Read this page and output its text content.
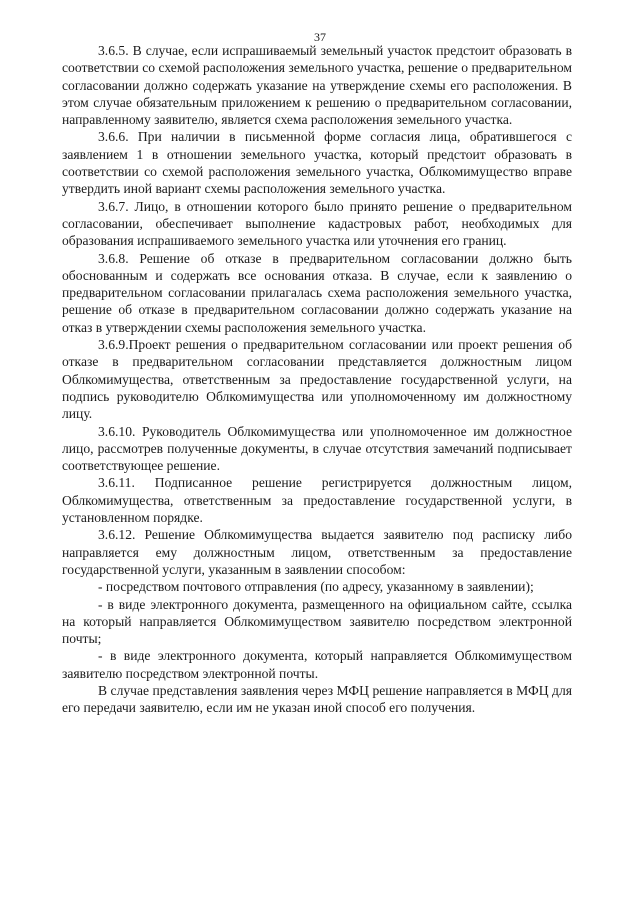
37

3.6.5. В случае, если испрашиваемый земельный участок предстоит образовать в соответствии со схемой расположения земельного участка, решение о предварительном согласовании должно содержать указание на утверждение схемы его расположения. В этом случае обязательным приложением к решению о предварительном согласовании, направленному заявителю, является схема расположения земельного участка.

3.6.6. При наличии в письменной форме согласия лица, обратившегося с заявлением 1 в отношении земельного участка, который предстоит образовать в соответствии со схемой расположения земельного участка, Облкомимущество вправе утвердить иной вариант схемы расположения земельного участка.

3.6.7. Лицо, в отношении которого было принято решение о предварительном согласовании, обеспечивает выполнение кадастровых работ, необходимых для образования испрашиваемого земельного участка или уточнения его границ.

3.6.8. Решение об отказе в предварительном согласовании должно быть обоснованным и содержать все основания отказа. В случае, если к заявлению о предварительном согласовании прилагалась схема расположения земельного участка, решение об отказе в предварительном согласовании должно содержать указание на отказ в утверждении схемы расположения земельного участка.

3.6.9.Проект решения о предварительном согласовании или проект решения об отказе в предварительном согласовании представляется должностным лицом Облкомимущества, ответственным за предоставление государственной услуги, на подпись руководителю Облкомимущества или уполномоченному им должностному лицу.

3.6.10. Руководитель Облкомимущества или уполномоченное им должностное лицо, рассмотрев полученные документы, в случае отсутствия замечаний подписывает соответствующее решение.

3.6.11. Подписанное решение регистрируется должностным лицом, Облкомимущества, ответственным за предоставление государственной услуги, в установленном порядке.

3.6.12. Решение Облкомимущества выдается заявителю под расписку либо направляется ему должностным лицом, ответственным за предоставление государственной услуги, указанным в заявлении способом:

- посредством почтового отправления (по адресу, указанному в заявлении);

- в виде электронного документа, размещенного на официальном сайте, ссылка на который направляется Облкомимуществом заявителю посредством электронной почты;

- в виде электронного документа, который направляется Облкомимуществом заявителю посредством электронной почты.

В случае представления заявления через МФЦ решение направляется в МФЦ для его передачи заявителю, если им не указан иной способ его получения.
